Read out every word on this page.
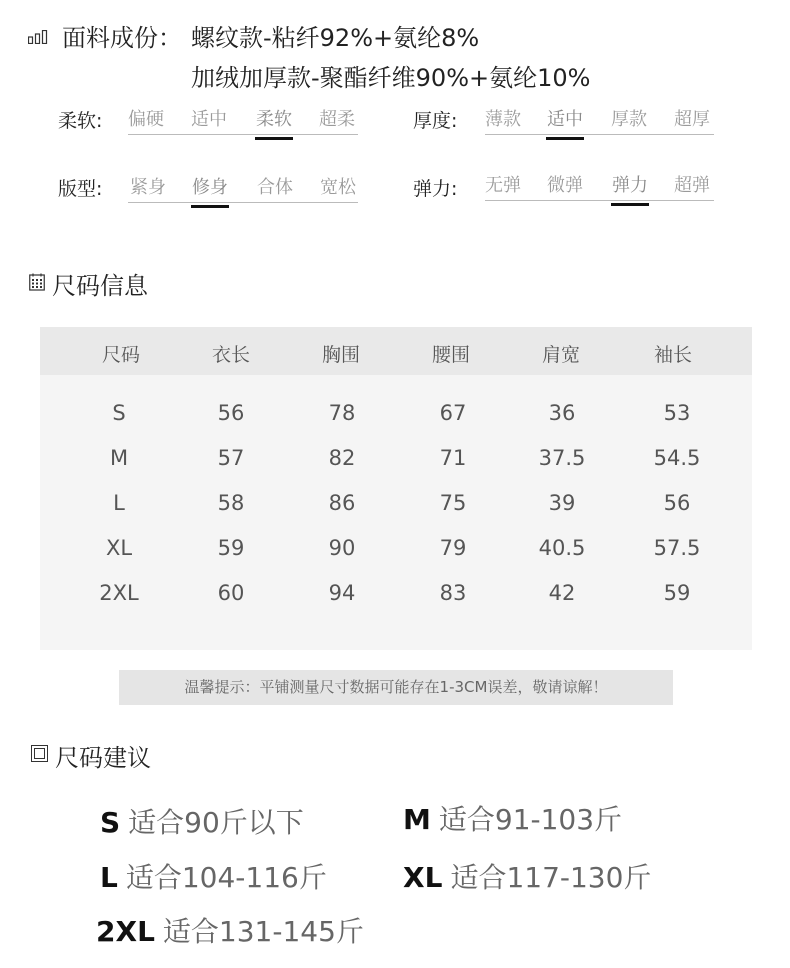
面料成份： 螺纹款-粘纤92%+氨纶8%
加绒加厚款-聚酯纤维90%+氨纶10%
柔软: 偏硬 适中 柔软 超柔	厚度: 薄款 适中 厚款 超厚
版型: 紧身 修身 合体 宽松	弹力: 无弹 微弹 弹力 超弹
尺码信息
尺码	衣长	胸围	腰围	肩宽	袖长
S	56	78	67	36	53
M	57	82	71	37.5	54.5
L	58	86	75	39	56
XL	59	90	79	40.5	57.5
2XL	60	94	83	42	59
温馨提示：平铺测量尺寸数据可能存在1-3CM误差，敬请谅解！
尺码建议
S 适合90斤以下	M 适合91-103斤
L 适合104-116斤	XL 适合117-130斤
2XL 适合131-145斤
